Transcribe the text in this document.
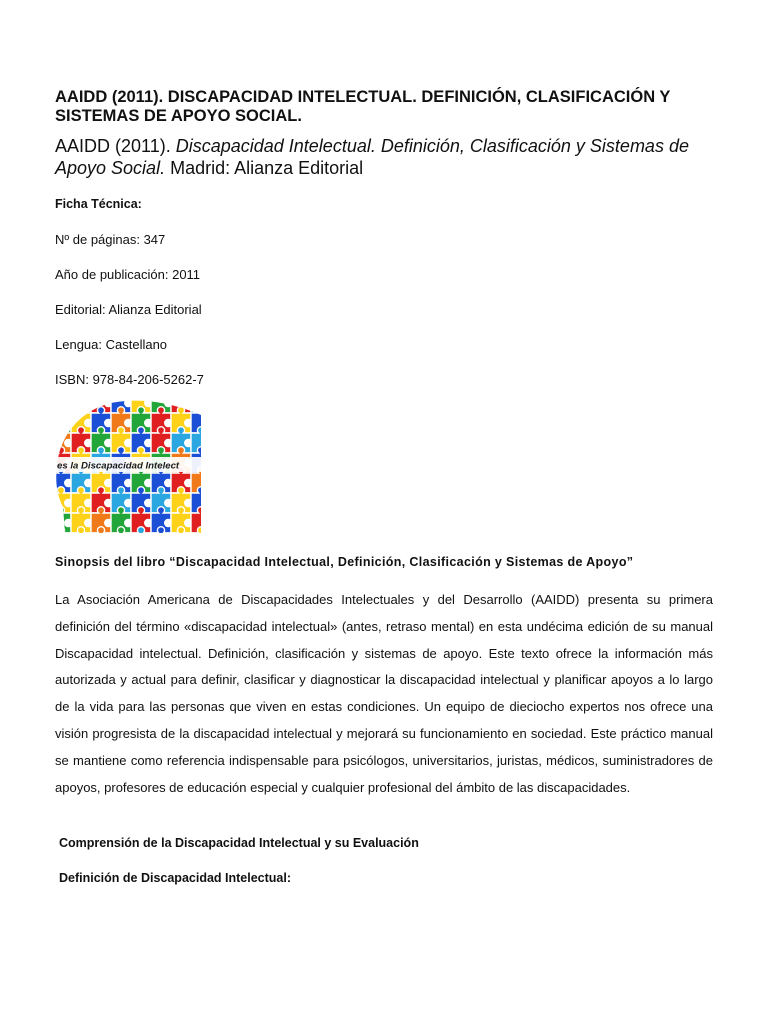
AAIDD (2011). DISCAPACIDAD INTELECTUAL. DEFINICIÓN, CLASIFICACIÓN Y SISTEMAS DE APOYO SOCIAL.

AAIDD (2011). Discapacidad Intelectual. Definición, Clasificación y Sistemas de Apoyo Social. Madrid: Alianza Editorial

Ficha Técnica:

Nº de páginas: 347

Año de publicación: 2011

Editorial: Alianza Editorial

Lengua: Castellano

ISBN: 978-84-206-5262-7

es la Discapacidad Intelect

Sinopsis del libro “Discapacidad Intelectual, Definición, Clasificación y Sistemas de Apoyo”

La Asociación Americana de Discapacidades Intelectuales y del Desarrollo (AAIDD) presenta su primera definición del término «discapacidad intelectual» (antes, retraso mental) en esta undécima edición de su manual Discapacidad intelectual. Definición, clasificación y sistemas de apoyo. Este texto ofrece la información más autorizada y actual para definir, clasificar y diagnosticar la discapacidad intelectual y planificar apoyos a lo largo de la vida para las personas que viven en estas condiciones. Un equipo de dieciocho expertos nos ofrece una visión progresista de la discapacidad intelectual y mejorará su funcionamiento en sociedad. Este práctico manual se mantiene como referencia indispensable para psicólogos, universitarios, juristas, médicos, suministradores de apoyos, profesores de educación especial y cualquier profesional del ámbito de las discapacidades.

Comprensión de la Discapacidad Intelectual y su Evaluación

Definición de Discapacidad Intelectual:
